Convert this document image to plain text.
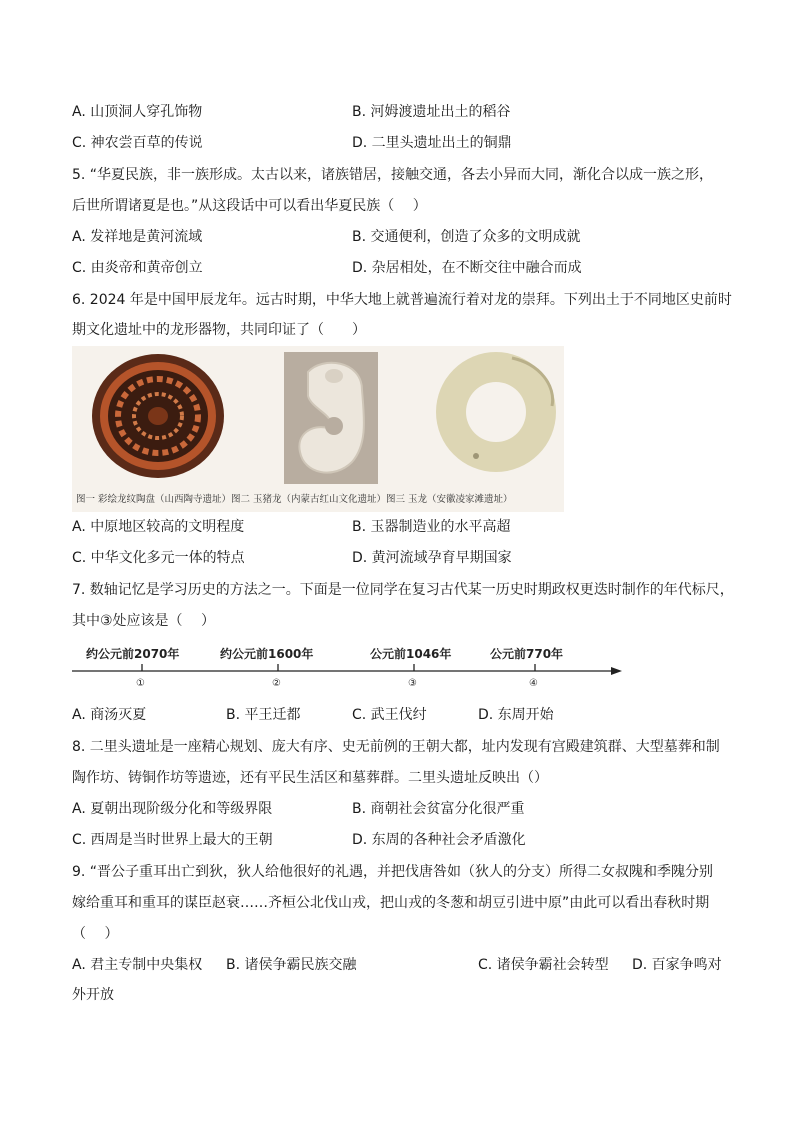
A. 山顶洞人穿孔饰物	B. 河姆渡遗址出土的稻谷
C. 神农尝百草的传说	D. 二里头遗址出土的铜鼎
5. “华夏民族，非一族形成。太古以来，诸族错居，接触交通，各去小异而大同，渐化合以成一族之形，
后世所谓诸夏是也。”从这段话中可以看出华夏民族（　 ）
A. 发祥地是黄河流域	B. 交通便利，创造了众多的文明成就
C. 由炎帝和黄帝创立	D. 杂居相处，在不断交往中融合而成
6. 2024 年是中国甲辰龙年。远古时期，中华大地上就普遍流行着对龙的崇拜。下列出土于不同地区史前时
期文化遗址中的龙形器物，共同印证了（　　）
图一 彩绘龙纹陶盘（山西陶寺遗址）图二 玉猪龙（内蒙古红山文化遗址）图三 玉龙（安徽凌家滩遗址）
A. 中原地区较高的文明程度	B. 玉器制造业的水平高超
C. 中华文化多元一体的特点	D. 黄河流域孕育早期国家
7. 数轴记忆是学习历史的方法之一。下面是一位同学在复习古代某一历史时期政权更迭时制作的年代标尺，
其中③处应该是（　 ）
约公元前2070年
①
约公元前1600年
②
公元前1046年
③
公元前770年
④
A. 商汤灭夏	B. 平王迁都	C. 武王伐纣	D. 东周开始
8. 二里头遗址是一座精心规划、庞大有序、史无前例的王朝大都，址内发现有宫殿建筑群、大型墓葬和制
陶作坊、铸铜作坊等遗迹，还有平民生活区和墓葬群。二里头遗址反映出（）
A. 夏朝出现阶级分化和等级界限	B. 商朝社会贫富分化很严重
C. 西周是当时世界上最大的王朝	D. 东周的各种社会矛盾激化
9. “晋公子重耳出亡到狄，狄人给他很好的礼遇，并把伐唐咎如（狄人的分支）所得二女叔隗和季隗分别
嫁给重耳和重耳的谋臣赵衰……齐桓公北伐山戎，把山戎的冬葱和胡豆引进中原”由此可以看出春秋时期
（　 ）
A. 君主专制中央集权 B. 诸侯争霸民族交融	C. 诸侯争霸社会转型 D. 百家争鸣对
外开放
